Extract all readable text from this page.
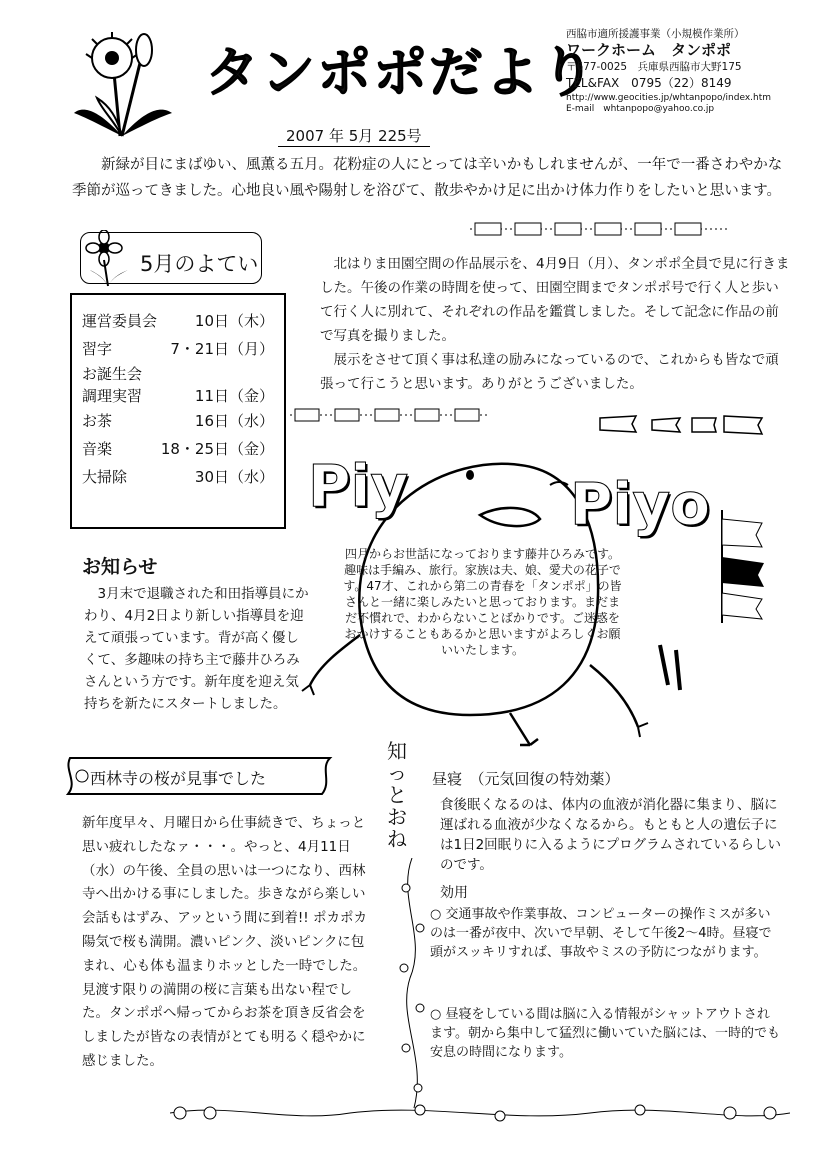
タンポポだより
西脇市適所援護事業（小規模作業所）
ワークホーム　タンポポ
〒677-0025　兵庫県西脇市大野175
TEL&FAX　0795（22）8149
http://www.geocities.jp/whtanpopo/index.htm
E-mail　whtanpopo@yahoo.co.jp
2007 年 5月 225号
新緑が目にまばゆい、風薫る五月。花粉症の人にとっては辛いかもしれませんが、一年で一番さわやかな季節が巡ってきました。心地良い風や陽射しを浴びて、散歩やかけ足に出かけ体力作りをしたいと思います。
5月のよてい
運営委員会	10日（木）
習字	7・21日（月）
お誕生会
調理実習	11日（金）
お茶	16日（水）
音楽	18・25日（金）
大掃除	30日（水）
北はりま田園空間の作品展示を、4月9日（月）、タンポポ全員で見に行きました。午後の作業の時間を使って、田園空間までタンポポ号で行く人と歩いて行く人に別れて、それぞれの作品を鑑賞しました。そして記念に作品の前で写真を撮りました。
展示をさせて頂く事は私達の励みになっているので、これからも皆なで頑張って行こうと思います。ありがとうございました。
Piy	Piyo
四月からお世話になっております藤井ひろみです。趣味は手編み、旅行。家族は夫、娘、愛犬の花子です。47才、これから第二の青春を「タンポポ」の皆さんと一緒に楽しみたいと思っております。まだまだ不慣れで、わからないことばかりです。ご迷惑をおかけすることもあるかと思いますがよろしくお願いいたします。
お知らせ
3月末で退職された和田指導員にかわり、4月2日より新しい指導員を迎えて頑張っています。背が高く優しくて、多趣味の持ち主で藤井ひろみさんという方です。新年度を迎え気持ちを新たにスタートしました。
西林寺の桜が見事でした
新年度早々、月曜日から仕事続きで、ちょっと思い疲れしたなァ・・・。やっと、4月11日（水）の午後、全員の思いは一つになり、西林寺へ出かける事にしました。歩きながら楽しい会話もはずみ、アッという間に到着!! ポカポカ陽気で桜も満開。濃いピンク、淡いピンクに包まれ、心も体も温まりホッとした一時でした。見渡す限りの満開の桜に言葉も出ない程でした。タンポポへ帰ってからお茶を頂き反省会をしましたが皆なの表情がとても明るく穏やかに感じました。
知っとおね
昼寝　（元気回復の特効薬）
食後眠くなるのは、体内の血液が消化器に集まり、脳に運ばれる血液が少なくなるから。もともと人の遺伝子には1日2回眠りに入るようにプログラムされているらしいのです。
効用
○ 交通事故や作業事故、コンピューターの操作ミスが多いのは一番が夜中、次いで早朝、そして午後2〜4時。昼寝で頭がスッキリすれば、事故やミスの予防につながります。
○ 昼寝をしている間は脳に入る情報がシャットアウトされます。朝から集中して猛烈に働いていた脳には、一時的でも安息の時間になります。
